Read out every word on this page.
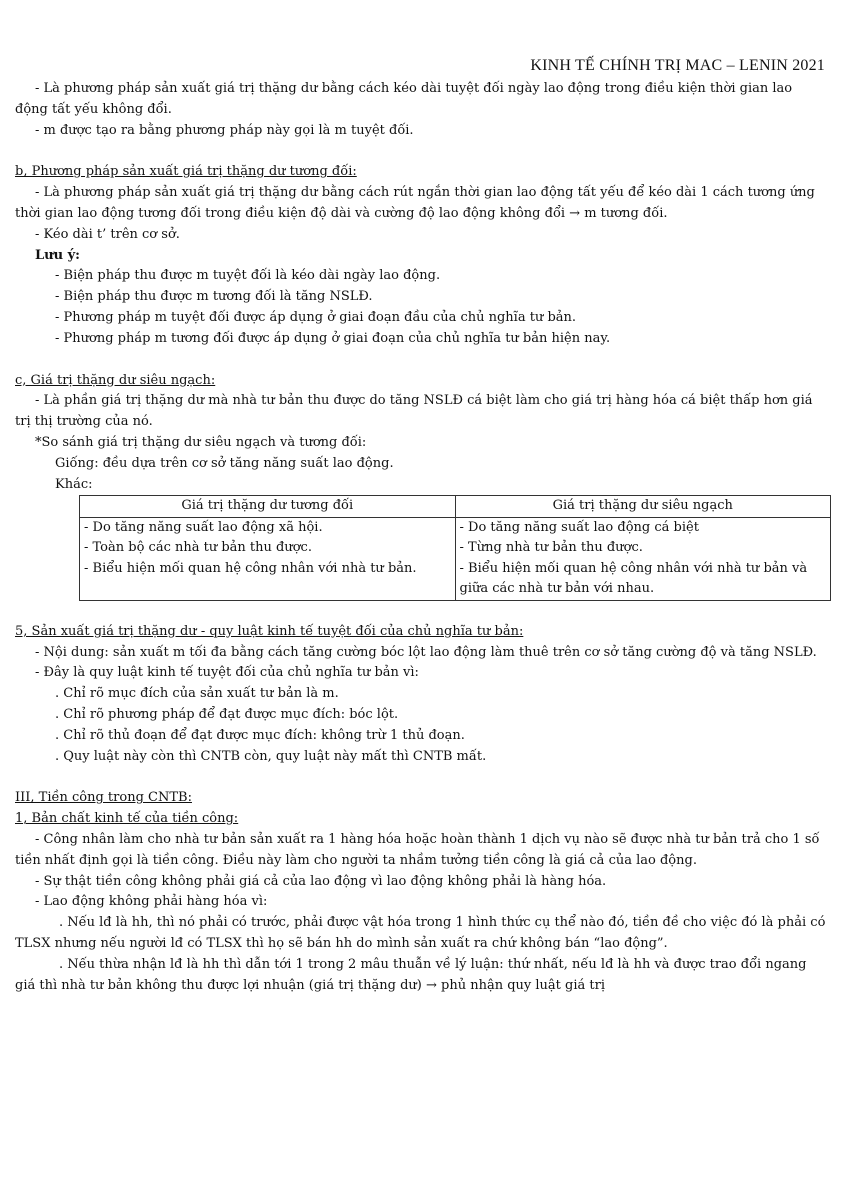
KINH TẾ CHÍNH TRỊ MAC – LENIN 2021

- Là phương pháp sản xuất giá trị thặng dư bằng cách kéo dài tuyệt đối ngày lao động trong điều kiện thời gian lao động tất yếu không đổi.

- m được tạo ra bằng phương pháp này gọi là m tuyệt đối.

b, Phương pháp sản xuất giá trị thặng dư tương đối:

- Là phương pháp sản xuất giá trị thặng dư bằng cách rút ngắn thời gian lao động tất yếu để kéo dài 1 cách tương ứng thời gian lao động tương đối trong điều kiện độ dài và cường độ lao động không đổi → m tương đối.

- Kéo dài t’ trên cơ sở.

Lưu ý:

- Biện pháp thu được m tuyệt đối là kéo dài ngày lao động.

- Biện pháp thu được m tương đối là tăng NSLĐ.

- Phương pháp m tuyệt đối được áp dụng ở giai đoạn đầu của chủ nghĩa tư bản.

- Phương pháp m tương đối được áp dụng ở giai đoạn của chủ nghĩa tư bản hiện nay.

c, Giá trị thặng dư siêu ngạch:

- Là phần giá trị thặng dư mà nhà tư bản thu được do tăng NSLĐ cá biệt làm cho giá trị hàng hóa cá biệt thấp hơn giá trị thị trường của nó.

*So sánh giá trị thặng dư siêu ngạch và tương đối:

Giống: đều dựa trên cơ sở tăng năng suất lao động.

Khác:

Giá trị thặng dư tương đối	Giá trị thặng dư siêu ngạch
- Do tăng năng suất lao động xã hội.	- Do tăng năng suất lao động cá biệt
- Toàn bộ các nhà tư bản thu được.	- Từng nhà tư bản thu được.
- Biểu hiện mối quan hệ công nhân với nhà tư bản.	- Biểu hiện mối quan hệ công nhân với nhà tư bản và giữa các nhà tư bản với nhau.

5, Sản xuất giá trị thặng dư - quy luật kinh tế tuyệt đối của chủ nghĩa tư bản:

- Nội dung: sản xuất m tối đa bằng cách tăng cường bóc lột lao động làm thuê trên cơ sở tăng cường độ và tăng NSLĐ.

- Đây là quy luật kinh tế tuyệt đối của chủ nghĩa tư bản vì:

. Chỉ rõ mục đích của sản xuất tư bản là m.

. Chỉ rõ phương pháp để đạt được mục đích: bóc lột.

. Chỉ rõ thủ đoạn để đạt được mục đích: không trừ 1 thủ đoạn.

. Quy luật này còn thì CNTB còn, quy luật này mất thì CNTB mất.

III, Tiền công trong CNTB:

1, Bản chất kinh tế của tiền công:

- Công nhân làm cho nhà tư bản sản xuất ra 1 hàng hóa hoặc hoàn thành 1 dịch vụ nào sẽ được nhà tư bản trả cho 1 số tiền nhất định gọi là tiền công. Điều này làm cho người ta nhầm tưởng tiền công là giá cả của lao động.

- Sự thật tiền công không phải giá cả của lao động vì lao động không phải là hàng hóa.

- Lao động không phải hàng hóa vì:

. Nếu lđ là hh, thì nó phải có trước, phải được vật hóa trong 1 hình thức cụ thể nào đó, tiền đề cho việc đó là phải có TLSX nhưng nếu người lđ có TLSX thì họ sẽ bán hh do mình sản xuất ra chứ không bán “lao động”.

. Nếu thừa nhận lđ là hh thì dẫn tới 1 trong 2 mâu thuẫn về lý luận: thứ nhất, nếu lđ là hh và được trao đổi ngang giá thì nhà tư bản không thu được lợi nhuận (giá trị thặng dư) → phủ nhận quy luật giá trị
